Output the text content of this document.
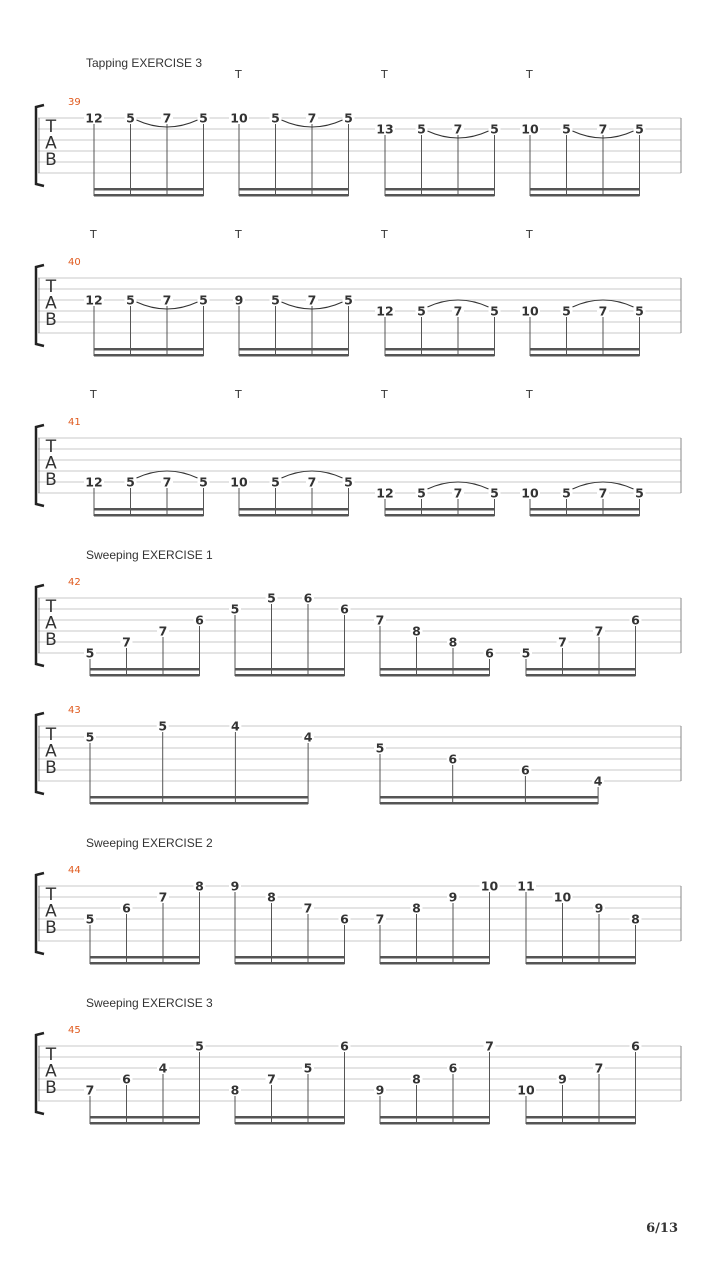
Tapping EXERCISE 3
Sweeping EXERCISE 1
Sweeping EXERCISE 2
Sweeping EXERCISE 3
T
A
B
39
12 5 7 5
T
10 5 7 5
T
13 5 7 5
T
10 5 7 5
T
A
B
40
T
12 5 7 5
T
9 5 7 5
T
12 5 7 5
T
10 5 7 5
T
A
B
41
T
12 5 7 5
T
10 5 7 5
T
12 5 7 5
T
10 5 7 5
T
A
B
42
5
7
7
6
5
5 6
6
7
8
8
6 5
7
7
6
T
A
B
43
5
5	4
4
5
6
6
4
T
A
B
44
5
6
7
8 9
8
7
6 7
8
9
10 11
10
9
8
T
A
B
45
7
6
4
5
8
7
5
6
9
8
6
7
10
9
7
6
6/13
